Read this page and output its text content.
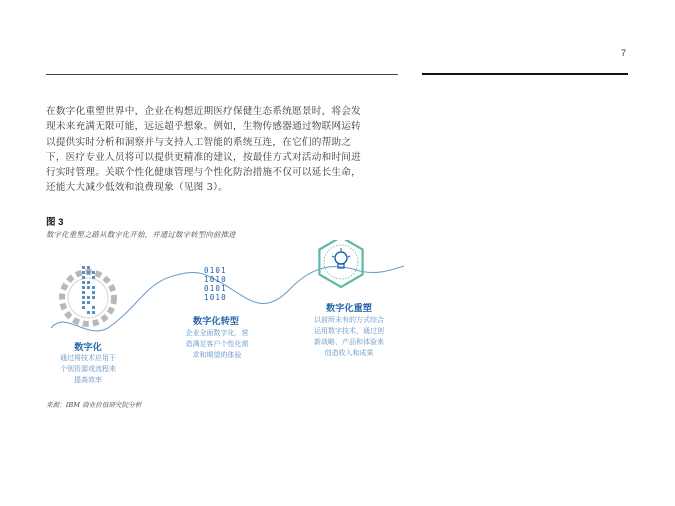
7

在数字化重塑世界中，企业在构想近期医疗保健生态系统愿景时，将会发
现未来充满无限可能，远远超乎想象。例如，生物传感器通过物联网运转
以提供实时分析和洞察并与支持人工智能的系统互连，在它们的帮助之
下，医疗专业人员将可以提供更精准的建议，按最佳方式对活动和时间进
行实时管理。关联个性化健康管理与个性化防治措施不仅可以延长生命，
还能大大减少低效和浪费现象（见图 3）。

图 3
数字化重塑之路从数字化开始，并通过数字转型向前推进
0101
1010
0101
1010
数字化
通过将技术应用于
个别资源或流程来
提高效率
数字化转型
企业全面数字化，营
造满足客户个性化需
求和期望的体验
数字化重塑
以前所未有的方式综合
运用数字技术，通过创
新战略、产品和体验来
创造收入和成果
来源：IBM 商业价值研究院分析
